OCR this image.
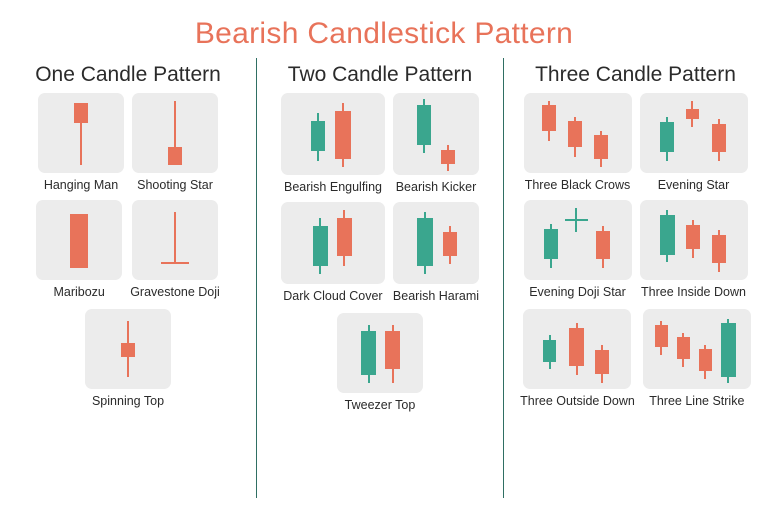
Bearish Candlestick Pattern
One Candle Pattern
Hanging Man Shooting Star
Maribozu Gravestone Doji
Spinning Top
Two Candle Pattern
Bearish Engulfing Bearish Kicker
Dark Cloud Cover Bearish Harami
Tweezer Top
Three Candle Pattern
Three Black Crows Evening Star
Evening Doji Star Three Inside Down
Three Outside Down Three Line Strike
